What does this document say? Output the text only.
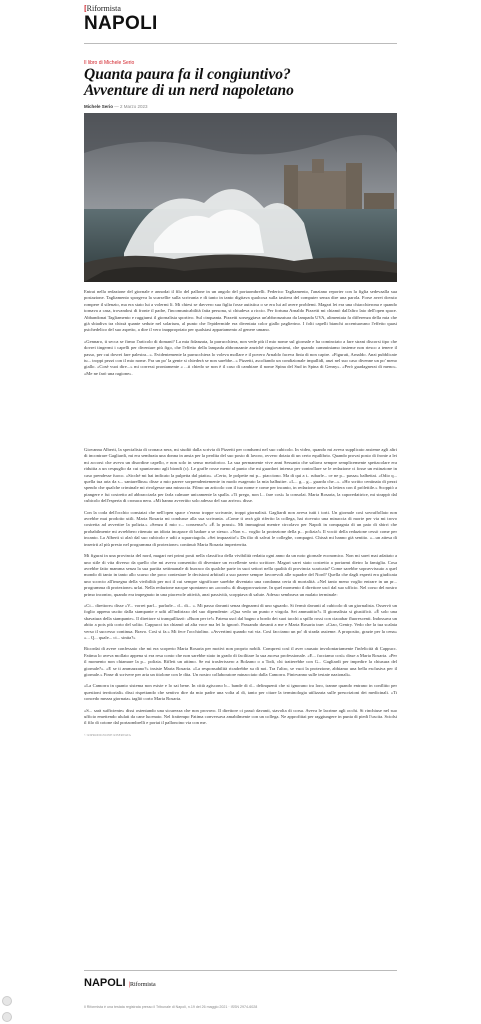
[Riformista
NAPOLI
Il libro di Michele Serio
Quanta paura fa il congiuntivo?
Avventure di un nerd napoletano
Michele Serio — 2 Marzo 2023

Entrai nella redazione del giornale e annodai il filo del pallone in un angolo del portaombrelli. Federico Tagliamento, l'anziano reporter con la figlia sedevaalla sua postazione. Tagliamento sporgeva la scarsellie sulla scrivania e di tanto in tanto digitava qualcosa sulla tastiera del computer senza dire una parola. Forse avrei dovuto rompere il silenzio, ma era stato lui a volermi lì. Mi chiesi se davvero sua figlia fosse autistica o se era lui ad avere problemi. Magari lei era una chiacchierona e quando tornava a casa, trovandosi di fronte il padre, l'incomunicabilità fatta persona, si chiudeva a riccio. Per fortuna Arnaldo Pizzetti mi chiamò dall'altro lato dell'open space. Abbandonai Tagliamento e raggiunsi il giornalista sportivo. Sul cinquanta. Pizzetti sorseggiava un'abbronzatura da lampada UVA, alimentata fa differenza della mia che già sbiadiva tra chissà quante sedute nel solarium, al punto che l'epidermide era diventata color giallo paglierino. I folti capelli bianchi accentuavano l'effetto quasi psichedelico del suo aspetto, a dire il vero inappropriato per qualsiasi appartamento al genere umano.

«Gennaro, ti secca se firmo l'articolo di domani? La mia fidanzata, la parrucchiera, non vede più il mio nome sul giornale e ha cominciato a fare strani discorsi tipo che dovrei tingermi i capelli per diventare più figo, che l'effetto della lampada abbronzante anziché ringiovanirmi, che quando camminiamo insieme non riesco a tenere il passo, per cui dovrei fare palestra...». Evidentemente la parrucchiera lo voleva mollare e il povero Arnaldo faceva finta di non capire. «Figurati, Arnaldo. Anzi pubblicate tu... troppi pezzi con il mio nome. Fra un po' la gente si chiederà se non sarebbe...» Pizzetti, ascoltando un condizionale impallidì, anzi nel suo caso divenne un po' meno giallo. «Cosè vuoi dire...» mi corressi prontamente « ...ti chiedo se non è il caso di cambiare il nome Spina del Sud in Spina di Genny». «Però guadagnerai di meno». «Me ne farò una ragione».

Giovanna Alberti, la specialista di cronaca nera, mi studiò dalla scrivia di Pizzetti per condurmi nel suo cubicolo. In video, quando mi aveva supplicato assieme agli altri di incontrare Gagliardi, mi era sembrata una donna in ansia per la perdita del suo posto di lavoro, ovvero dotata di un certo equilibrio. Quando provai posto di fronte a lei mi accorsi che aveva un disordine capello, e non solo in senso metaforico. La sua permanente vive anni Sessanta che saltava sempre semplicemente spettacolare era riduitta a un cespuglio da cui spuntavano agli biondi (c). Le graffe rosse meno al punto che mi guardavi intenso per controllare se le redazione ci fosse un estinzione in caso prendesse fuoco. «Sicché mi hai indicato la pulpetta dal piatto». «Certo, le polpette mi p... piacciono. Ma di qui a t.. rubarle... ce ne p... passa» balbettai. «Odio q... quella tua aria da s... santarellina» disse a mio parere sorprendentemente in modo esagerato la mia balbutire. «L... g... g... guarda che...». «Ho scritto centinaia di pezzi spendo che qualche criminale mi rivolgesse una minaccia. Filmo un articolo con il tuo nome e come per incanto, in redazione arriva la lettera con il pròlettile.» Scoppiò a piangere e fui costretto ad abbracciarla per farla calmare unicamente la spalla. «Ti prego, non l... fare così» la consolai. Maria Rosaria, la caporedattrice, mi strappò dal cubicolo dell'esperta di cronaca nera. «Mi hanno avvertito solo adesso del suo arrivo» disse.

Con la coda dell'occhio constatai che nell'open space c'erano troppe scrivanie, troppi giornalisti. Gagliardi non aveva tutti i torti. Un giornale così sovraffollato non avrebbe mai prodotto utili. Maria Rosaria mi condusse alla sua scrivania. «Come ti avrà già riferito la collega, hai ricevuto una minaccia di morte per via mi trovo costretta ad avvertire la polizia.» «Senza il mio c... consenso?» «È la prassi». Mi immaginai mentre circolavo per Napoli in compagnia di un paio di sbirri che probabilmente mi avrebbero ritenuto un idiota incapace di badare a se stesso. «Non v... voglio la protezione della p... polizia!» Il vociò della redazione cessò come per incanto. La Alberti si alzò dal suo cubicolo e udii a squarciagola. «Sei impazzito!» Da ilio di salvai le colleghe, compagni. Chissà mi hanno già sentito. «...un attesa di inserirti al più presto nel programma di protezione» continuò Maria Rosaria imperterrita.

Mi figurai in una provincia del nord, magari nei primi posti nella classifica della vivibilità redatta ogni anno da un noto giornale economico. Non mi sarei mai adattato a uno stile di vita diverso da quello che mi aveva consentito di diventare un eccellente serio scrittore. Magari sarei stato costretto a portarmi dietro la famiglia. Cosa avrebbe fatto mamma senza la sua partita settimanale di burraco da qualche parte in suoi settori nella qualità di provincia scaricata? Come sarebbe sopravvissuto a quel mondo di tanto in tanto allo scarso che poco contestare le decisioni arbitrali a suo parere sempre favorevoli alle squadre del Nord? Quella che dagli esperti era giudicata uno scorcio all'insegna della vivibilità per noi il cui sempre significare sarebbe diventato una condanna certa di mortalità. «Nel tanto meno voglio entrare in un pr... programma di protezione» urlai. Nella redazione nacque spontaneo un «ooooh» di disapprovazione. In quel momento il direttore uscì dal suo ufficio. Nel corso del nostro primo incontro, quando era impegnato in una piacevole attività, anzi passività, scoppiava di salute. Adesso sembrava un malato terminale:

«Ci... direttore» disse «V... vorrei parl... parlarle... d... di... ». Mi passo davanti senza degnarmi di uno sguardo. Si fermò davanti al cubicolo di un giornalista. Osservò un foglio appena uscito dalla stampante e udii all'indirizzo del suo dipendente: «Qua vedo un punto e virgola. Sei ammattito?» Il giornalista si giustificò. «È solo una sbavatura della stampante». Il direttore si tranquillizzò: «Buon per te!» Fatena uscì dal bagno a bordo dei suoi tacchi a spillo rossi con ciaoabar fluorescenti. Indossava un abito a pois più corto del solito. Cappucci tra chiamò ad alta voce ma lei lo ignorò. Passando davanti a me e Maria Rosaria trae: «Ciao, Gentry. Vedo che la tua scalata verso il successo continua. Bravo. Così si fa.» Mi fece l'occhiolino. «Avvertimi quando vai via. Così facciamo un po' di strada assieme. A proposito, grazie per la cena» «... Q... quale... ci... sinita?»

Ricordai di avere confessato che mi era scoperto Maria Rosaria per motivi non proprio nobili. Compresi così il aver causato involontariamente l'infelicità di Cappucc. Fatima lo aveva mollato appena si era resa conto che non sarebbe stato in grado di facilitare la sua ascesa professionale. «E... facciamo così» disse a Maria Rosaria. «Per il momento non chiamare la p... polizia. Riflett un attimo. Se mi trasferissero a Bolzano o a Todi, chi tratterebbe con G... Gagliardi per impedire la chiusura del giornale?». «E se ti ammazzano?» insiste Maria Rosaria. «La responsabilità ricadrebbe su di noi. Tra l'altro, se vuoi la protezione, abbiamo una bella esclusiva per il giornale.» Finse di scrivere per aria un titolone con le dita. Un nostro collaboratore minacciato dalla Camorra. Finirvanno sulle testate nazionali».

«La Camorra in quanto sistema non esiste e lo sai bene. In città agiscono b... bande di d... delinquenti che si ignorano tra loro, tranne quando entrano in conflitto per questioni territoriali» dissi rispettando che sentivo dire da mio padre una volta al di, tanto per citare la terminologia utilizzata sulle prescrizioni dei medicinali. «Ti concedo mezza giornata» tagliò corto Maria Rosaria.

«S... sarà sufficiente» dissi ostentando una sicurezza che non provavo. Il direttore ci passò davanti, stavolta di corsa. Aveva le lacrime agli occhi. Si rinchiuse nel suo ufficio emettendo ululati da cane lucenato. Nel frattempo Fatima conversava amabilmente con un collega. Ne approfittai per raggiungere in punta di piedi l'uscita. Sciolsi il filo di cotone dal portaombrelli e portai il palloncino via con me.

© RIPRODUZIONE RISERVATA

NAPOLI |Riformista
Il Riformista è una testata registrata presso il Tribunale di Napoli, n.19 del 26 maggio 2021 · ISSN 2974-6028
